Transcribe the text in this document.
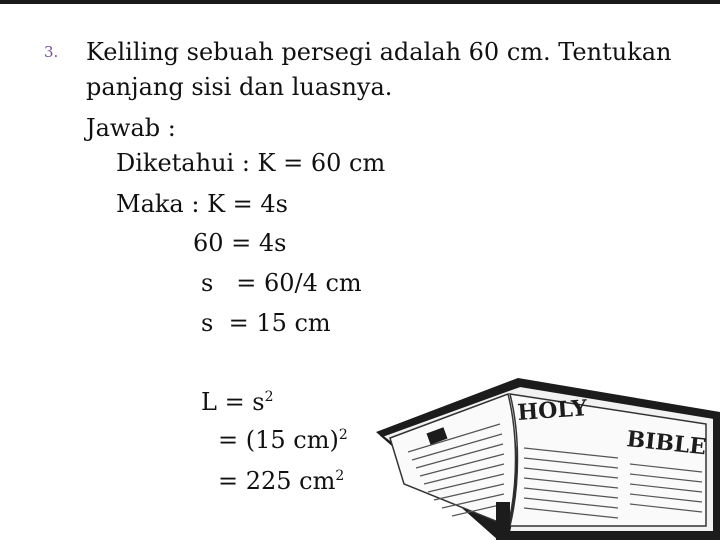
3. Keliling sebuah persegi adalah 60 cm. Tentukan
panjang sisi dan luasnya.
Jawab :
Diketahui : K = 60 cm
Maka : K = 4s
60 = 4s
s   = 60/4 cm
s  = 15 cm
$L = s^2$
= (15 cm)$^2$
= 225 $cm^2$
HOLY
BIBLE
